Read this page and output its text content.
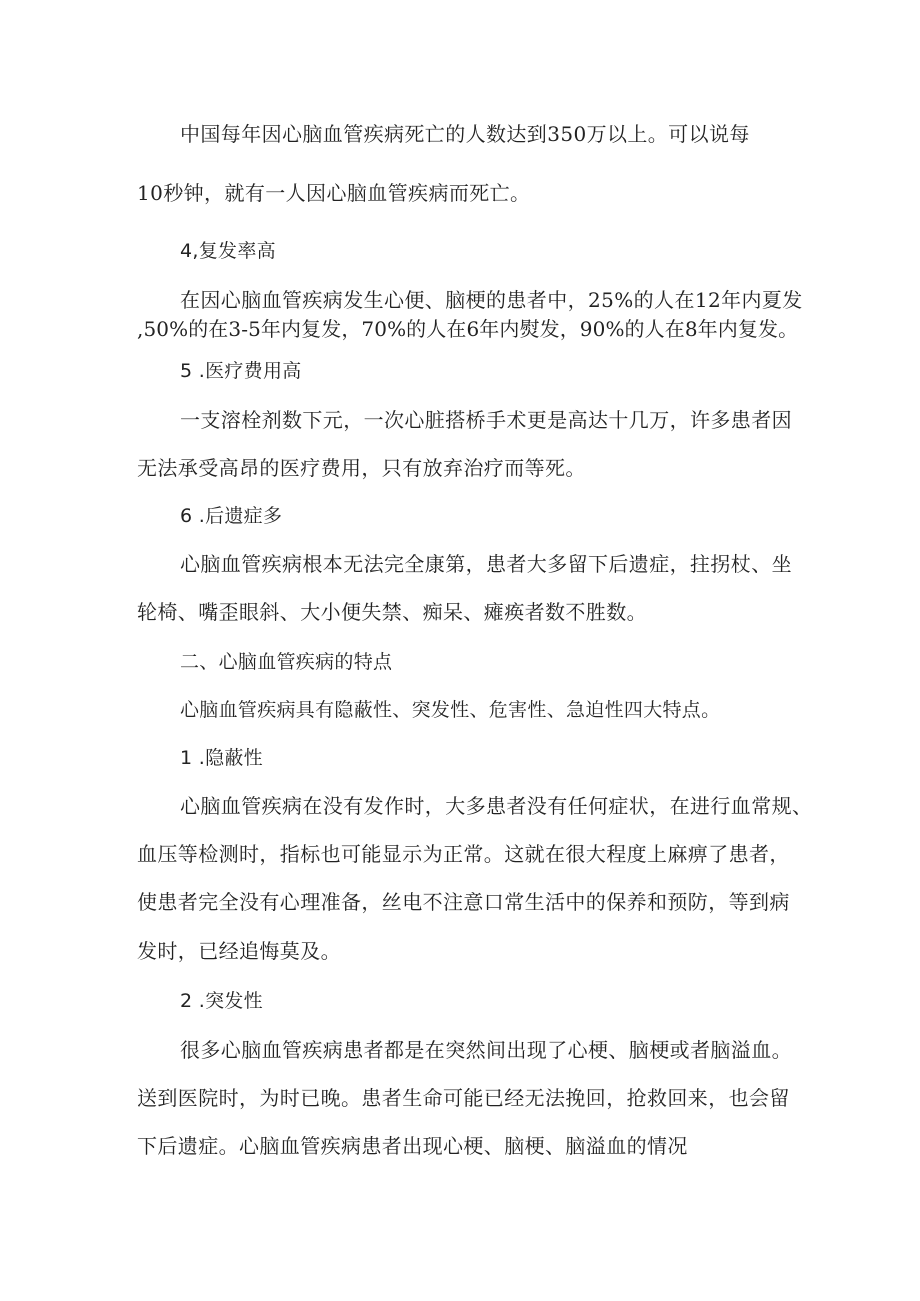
中国每年因心脑血管疾病死亡的人数达到350万以上。可以说每
10秒钟，就有一人因心脑血管疾病而死亡。
4,复发率高
在因心脑血管疾病发生心便、脑梗的患者中，25%的人在12年内夏发
,50%的在3-5年内复发，70%的人在6年内熨发，90%的人在8年内复发。
5 .医疗费用高
一支溶栓剂数下元，一次心脏搭桥手术更是高达十几万，许多患者因
无法承受高昂的医疗费用，只有放弃治疗而等死。
6 .后遗症多
心脑血管疾病根本无法完全康第，患者大多留下后遗症，拄拐杖、坐
轮椅、嘴歪眼斜、大小便失禁、痴呆、瘫痪者数不胜数。
二、心脑血管疾病的特点
心脑血管疾病具有隐蔽性、突发性、危害性、急迫性四大特点。
1 .隐蔽性
心脑血管疾病在没有发作时，大多患者没有任何症状，在进行血常规、
血压等检测时，指标也可能显示为正常。这就在很大程度上麻痹了患者，
使患者完全没有心理准备，丝电不注意口常生活中的保养和预防，等到病
发时，已经追悔莫及。
2 .突发性
很多心脑血管疾病患者都是在突然间出现了心梗、脑梗或者脑溢血。
送到医院时，为时已晚。患者生命可能已经无法挽回，抢救回来，也会留
下后遗症。心脑血管疾病患者出现心梗、脑梗、脑溢血的情况
